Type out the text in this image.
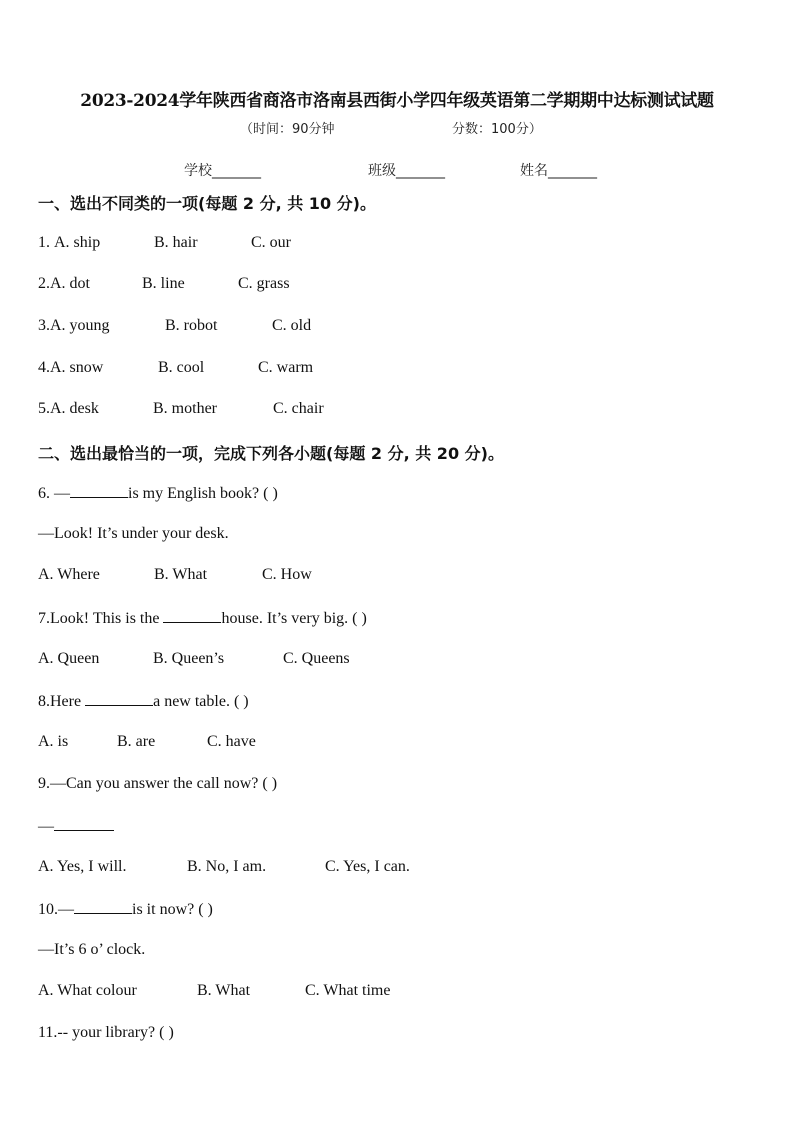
2023-2024学年陕西省商洛市洛南县西街小学四年级英语第二学期期中达标测试试题
（时间：90分钟	分数：100分）
学校_______	班级_______	姓名_______
一、选出不同类的一项(每题 2 分, 共 10 分)。
1. A. ship	B. hair	C. our
2.A. dot	B. line	C. grass
3.A. young	B. robot	C. old
4.A. snow	B. cool	C. warm
5.A. desk	B. mother	C. chair
二、选出最恰当的一项，完成下列各小题(每题 2 分, 共 20 分)。
6. —	is my English book? ( )
—Look! It’s under your desk.
A. Where	B. What	C. How
7.Look! This is the	house. It’s very big. ( )
A. Queen	B. Queen’s	C. Queens
8.Here	a new table. ( )
A. is	B. are	C. have
9.—Can you answer the call now? ( )
—
A. Yes, I will.	B. No, I am.	C. Yes, I can.
10.—	is it now? ( )
—It’s 6 o’ clock.
A. What colour	B. What	C. What time
11.-- your library? ( )
